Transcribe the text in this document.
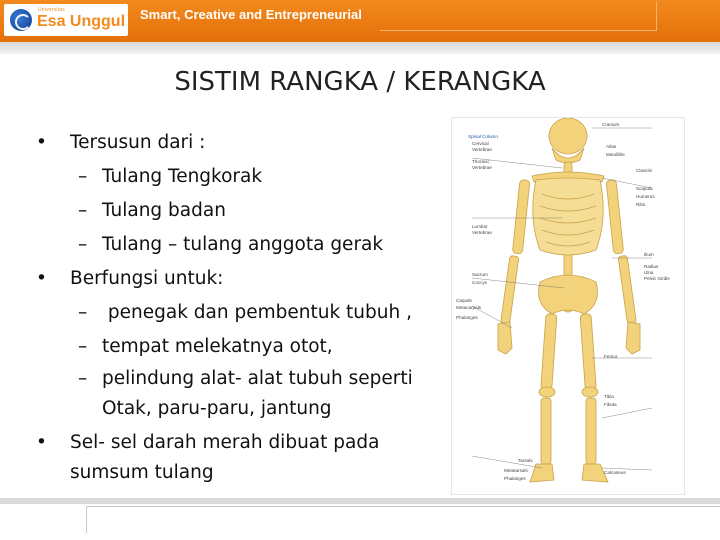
Universitas
Esa Unggul Smart, Creative and Entrepreneurial
SISTIM RANGKA / KERANGKA
• Tersusun dari :
– Tulang Tengkorak
– Tulang badan
– Tulang – tulang anggota gerak
• Berfungsi untuk:
– penegak dan pembentuk tubuh ,
– tempat melekatnya otot,
– pelindung alat- alat tubuh seperti
Otak, paru-paru, jantung
• Sel- sel darah merah dibuat pada
sumsum tulang
Spinal Column
Cervical
Vertebrae
Thoracic
Vertebrae
Lumbar
Vertebrae
Sacrum
Coccyx
Carpals
Metacarpals
Phalanges
Tarsals
Metatarsals
Phalanges
Cranium
Atlas
Mandible
Clavicle
Scapula
Humerus
Ribs
Ilium
Radius
Ulna
Pelvic Girdle
Femur
Tibia
Fibula
Calcaneus
